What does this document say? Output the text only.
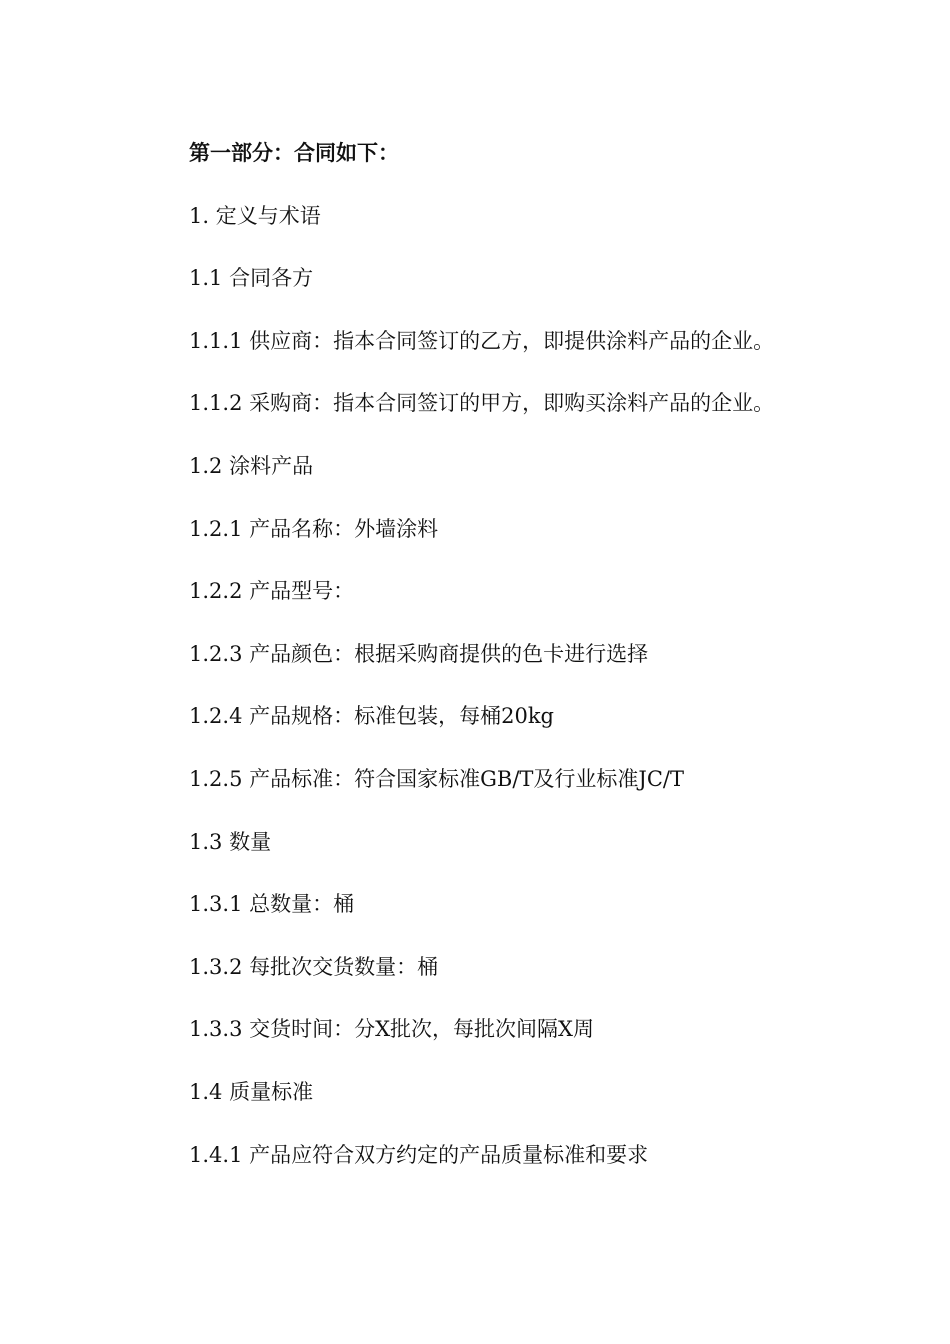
第一部分：合同如下：
1. 定义与术语
1.1 合同各方
1.1.1 供应商：指本合同签订的乙方，即提供涂料产品的企业。
1.1.2 采购商：指本合同签订的甲方，即购买涂料产品的企业。
1.2 涂料产品
1.2.1 产品名称：外墙涂料
1.2.2 产品型号：
1.2.3 产品颜色：根据采购商提供的色卡进行选择
1.2.4 产品规格：标准包装，每桶20kg
1.2.5 产品标准：符合国家标准GB/T及行业标准JC/T
1.3 数量
1.3.1 总数量：桶
1.3.2 每批次交货数量：桶
1.3.3 交货时间：分X批次，每批次间隔X周
1.4 质量标准
1.4.1 产品应符合双方约定的产品质量标准和要求
